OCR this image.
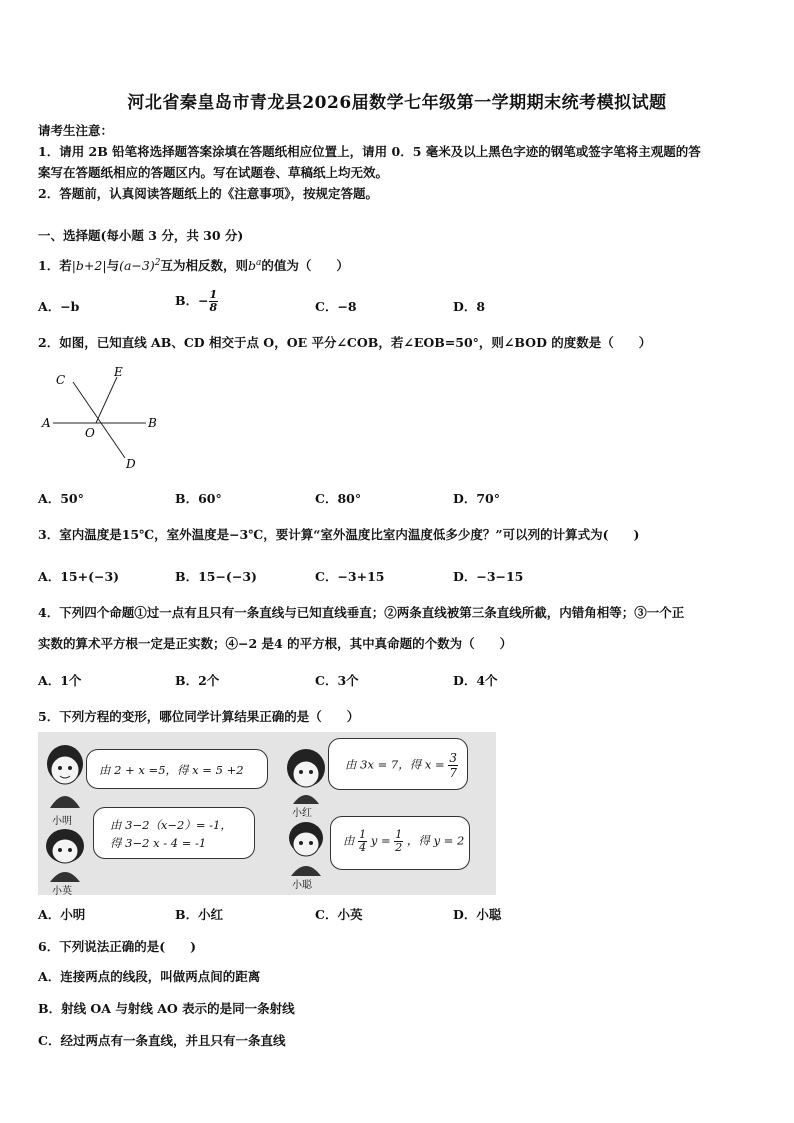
河北省秦皇岛市青龙县2026届数学七年级第一学期期末统考模拟试题
请考生注意：
1．请用 2B 铅笔将选择题答案涂填在答题纸相应位置上，请用 0．5 毫米及以上黑色字迹的钢笔或签字笔将主观题的答
案写在答题纸相应的答题区内。写在试题卷、草稿纸上均无效。
2．答题前，认真阅读答题纸上的《注意事项》，按规定答题。
一、选择题(每小题 3 分，共 30 分)
1．若|b+2|与$(a-3)^2$互为相反数，则$b^a$的值为（　　）
A．−b	B．− $\frac{1}{8}$	C．−8	D．8
2．如图，已知直线 AB、CD 相交于点 O，OE 平分∠COB，若∠EOB=50°，则∠BOD 的度数是（　　）
C
E
A
O
B
D
A．50°	B．60°	C．80°	D．70°
3．室内温度是15℃，室外温度是−3℃，要计算“室外温度比室内温度低多少度？”可以列的计算式为(　　)
A．15+(−3)	B．15−(−3)	C．−3+15	D．−3−15
4．下列四个命题①过一点有且只有一条直线与已知直线垂直；②两条直线被第三条直线所截，内错角相等；③一个正
实数的算术平方根一定是正实数；④−2 是4 的平方根，其中真命题的个数为（　　）
A．1个	B．2个	C．3个	D．4个
5．下列方程的变形，哪位同学计算结果正确的是（　　）
小明
由 2 + x =5，得 x = 5 +2
小英
由 3−2（x−2）= -1，
得 3−2 x - 4 = -1
小红
由 3x = 7，得 $x = \frac{3}{7}$
小聪
由 $\frac{1}{4}$ $y = \frac{1}{2}$ ，得 y = 2
A．小明	B．小红	C．小英	D．小聪
6．下列说法正确的是(　　)
A．连接两点的线段，叫做两点间的距离
B．射线 OA 与射线 AO 表示的是同一条射线
C．经过两点有一条直线，并且只有一条直线
